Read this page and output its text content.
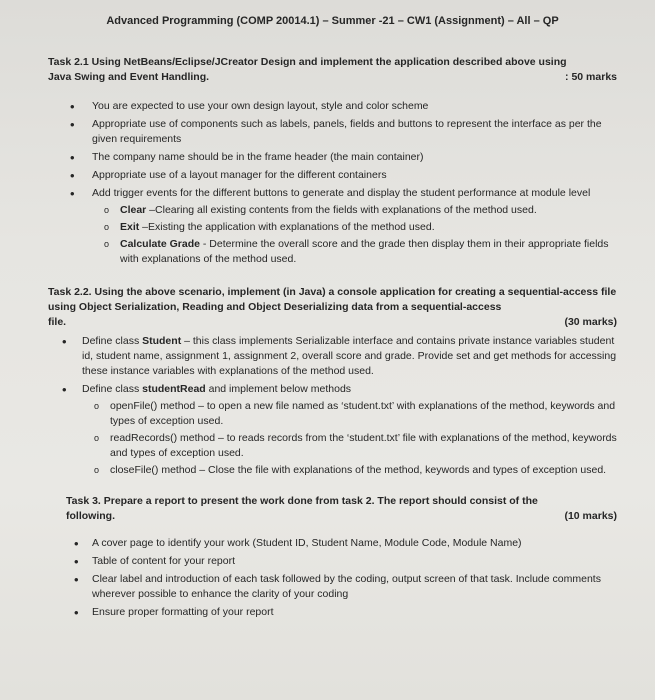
Advanced Programming (COMP 20014.1) – Summer -21 – CW1 (Assignment) – All – QP
Task 2.1 Using NetBeans/Eclipse/JCreator Design and implement the application described above using
Java Swing and Event Handling.	: 50 marks
• You are expected to use your own design layout, style and color scheme
• Appropriate use of components such as labels, panels, fields and buttons to represent the interface as per the given requirements
• The company name should be in the frame header (the main container)
• Appropriate use of a layout manager for the different containers
• Add trigger events for the different buttons to generate and display the student performance at module level
o Clear –Clearing all existing contents from the fields with explanations of the method used.
o Exit –Existing the application with explanations of the method used.
o Calculate Grade - Determine the overall score and the grade then display them in their appropriate fields with explanations of the method used.
Task 2.2. Using the above scenario, implement (in Java) a console application for creating a sequential-access file using Object Serialization, Reading and Object Deserializing data from a sequential-access
file.	(30 marks)
• Define class Student – this class implements Serializable interface and contains private instance variables student id, student name, assignment 1, assignment 2, overall score and grade. Provide set and get methods for accessing these instance variables with explanations of the method used.
• Define class studentRead and implement below methods
o openFile() method – to open a new file named as ‘student.txt’ with explanations of the method, keywords and types of exception used.
o readRecords() method – to reads records from the ‘student.txt’ file with explanations of the method, keywords and types of exception used.
o closeFile() method – Close the file with explanations of the method, keywords and types of exception used.
Task 3. Prepare a report to present the work done from task 2. The report should consist of the
following.	(10 marks)
• A cover page to identify your work (Student ID, Student Name, Module Code, Module Name)
• Table of content for your report
• Clear label and introduction of each task followed by the coding, output screen of that task. Include comments wherever possible to enhance the clarity of your coding
• Ensure proper formatting of your report
